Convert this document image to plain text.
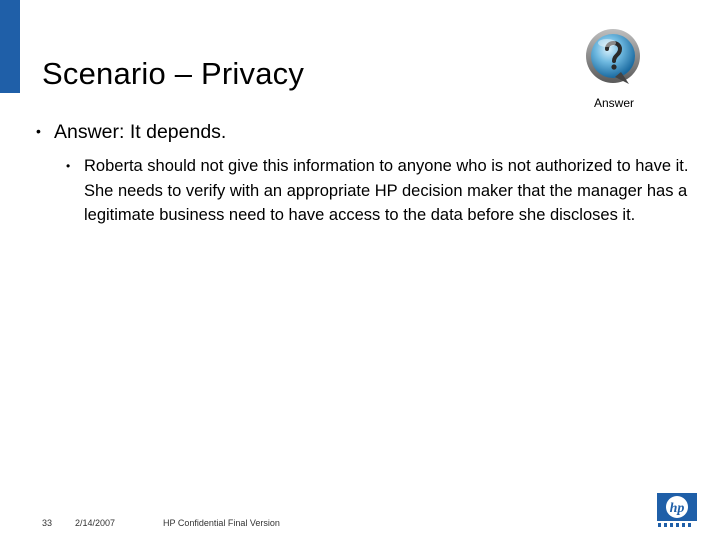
Scenario – Privacy
Answer
• Answer: It depends.
• Roberta should not give this information to anyone who is not authorized to have it. She needs to verify with an appropriate HP decision maker that the manager has a legitimate business need to have access to the data before she discloses it.
33	2/14/2007	HP Confidential Final Version
hp
